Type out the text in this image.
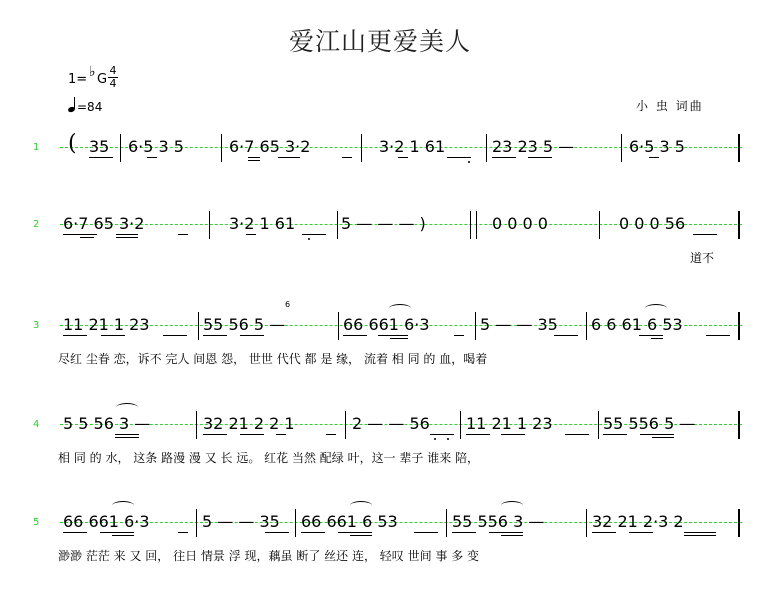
爱江山更爱美人
1= ♭ G
4
4
=84	小 虫 词曲
1 ( 35 6·5 3 5	6·7 65 3·2	3·2 1 61	23 23 5 —	6·5 3 5
2 6·7 65 3·2	3·2 1 61	5 — — — )	0 0 0 0	0 0 0 56
道不
3 11 21 1 23	55 56 5 —
6
66 661 6·3	5 — — 35 6 6 61 6 53
尽红 尘眷 恋，诉不 完人 间恩 怨， 世世 代代 都 是 缘， 流着 相 同 的 血，喝着
4 5 5 56 3 —	32 21 2 2 1	2 — — 56 11 21 1 23	55 556 5 —
相 同 的 水， 这条 路漫 漫 又 长 远。 红花 当然 配绿 叶，这一 辈子 谁来 陪，
5 66 661 6·3	5 — — 35 66 661 6 53	55 556 3 —	32 21 2·3 2
渺渺 茫茫 来 又 回， 往日 情景 浮 现，藕虽 断了 丝还 连， 轻叹 世间 事 多 变
